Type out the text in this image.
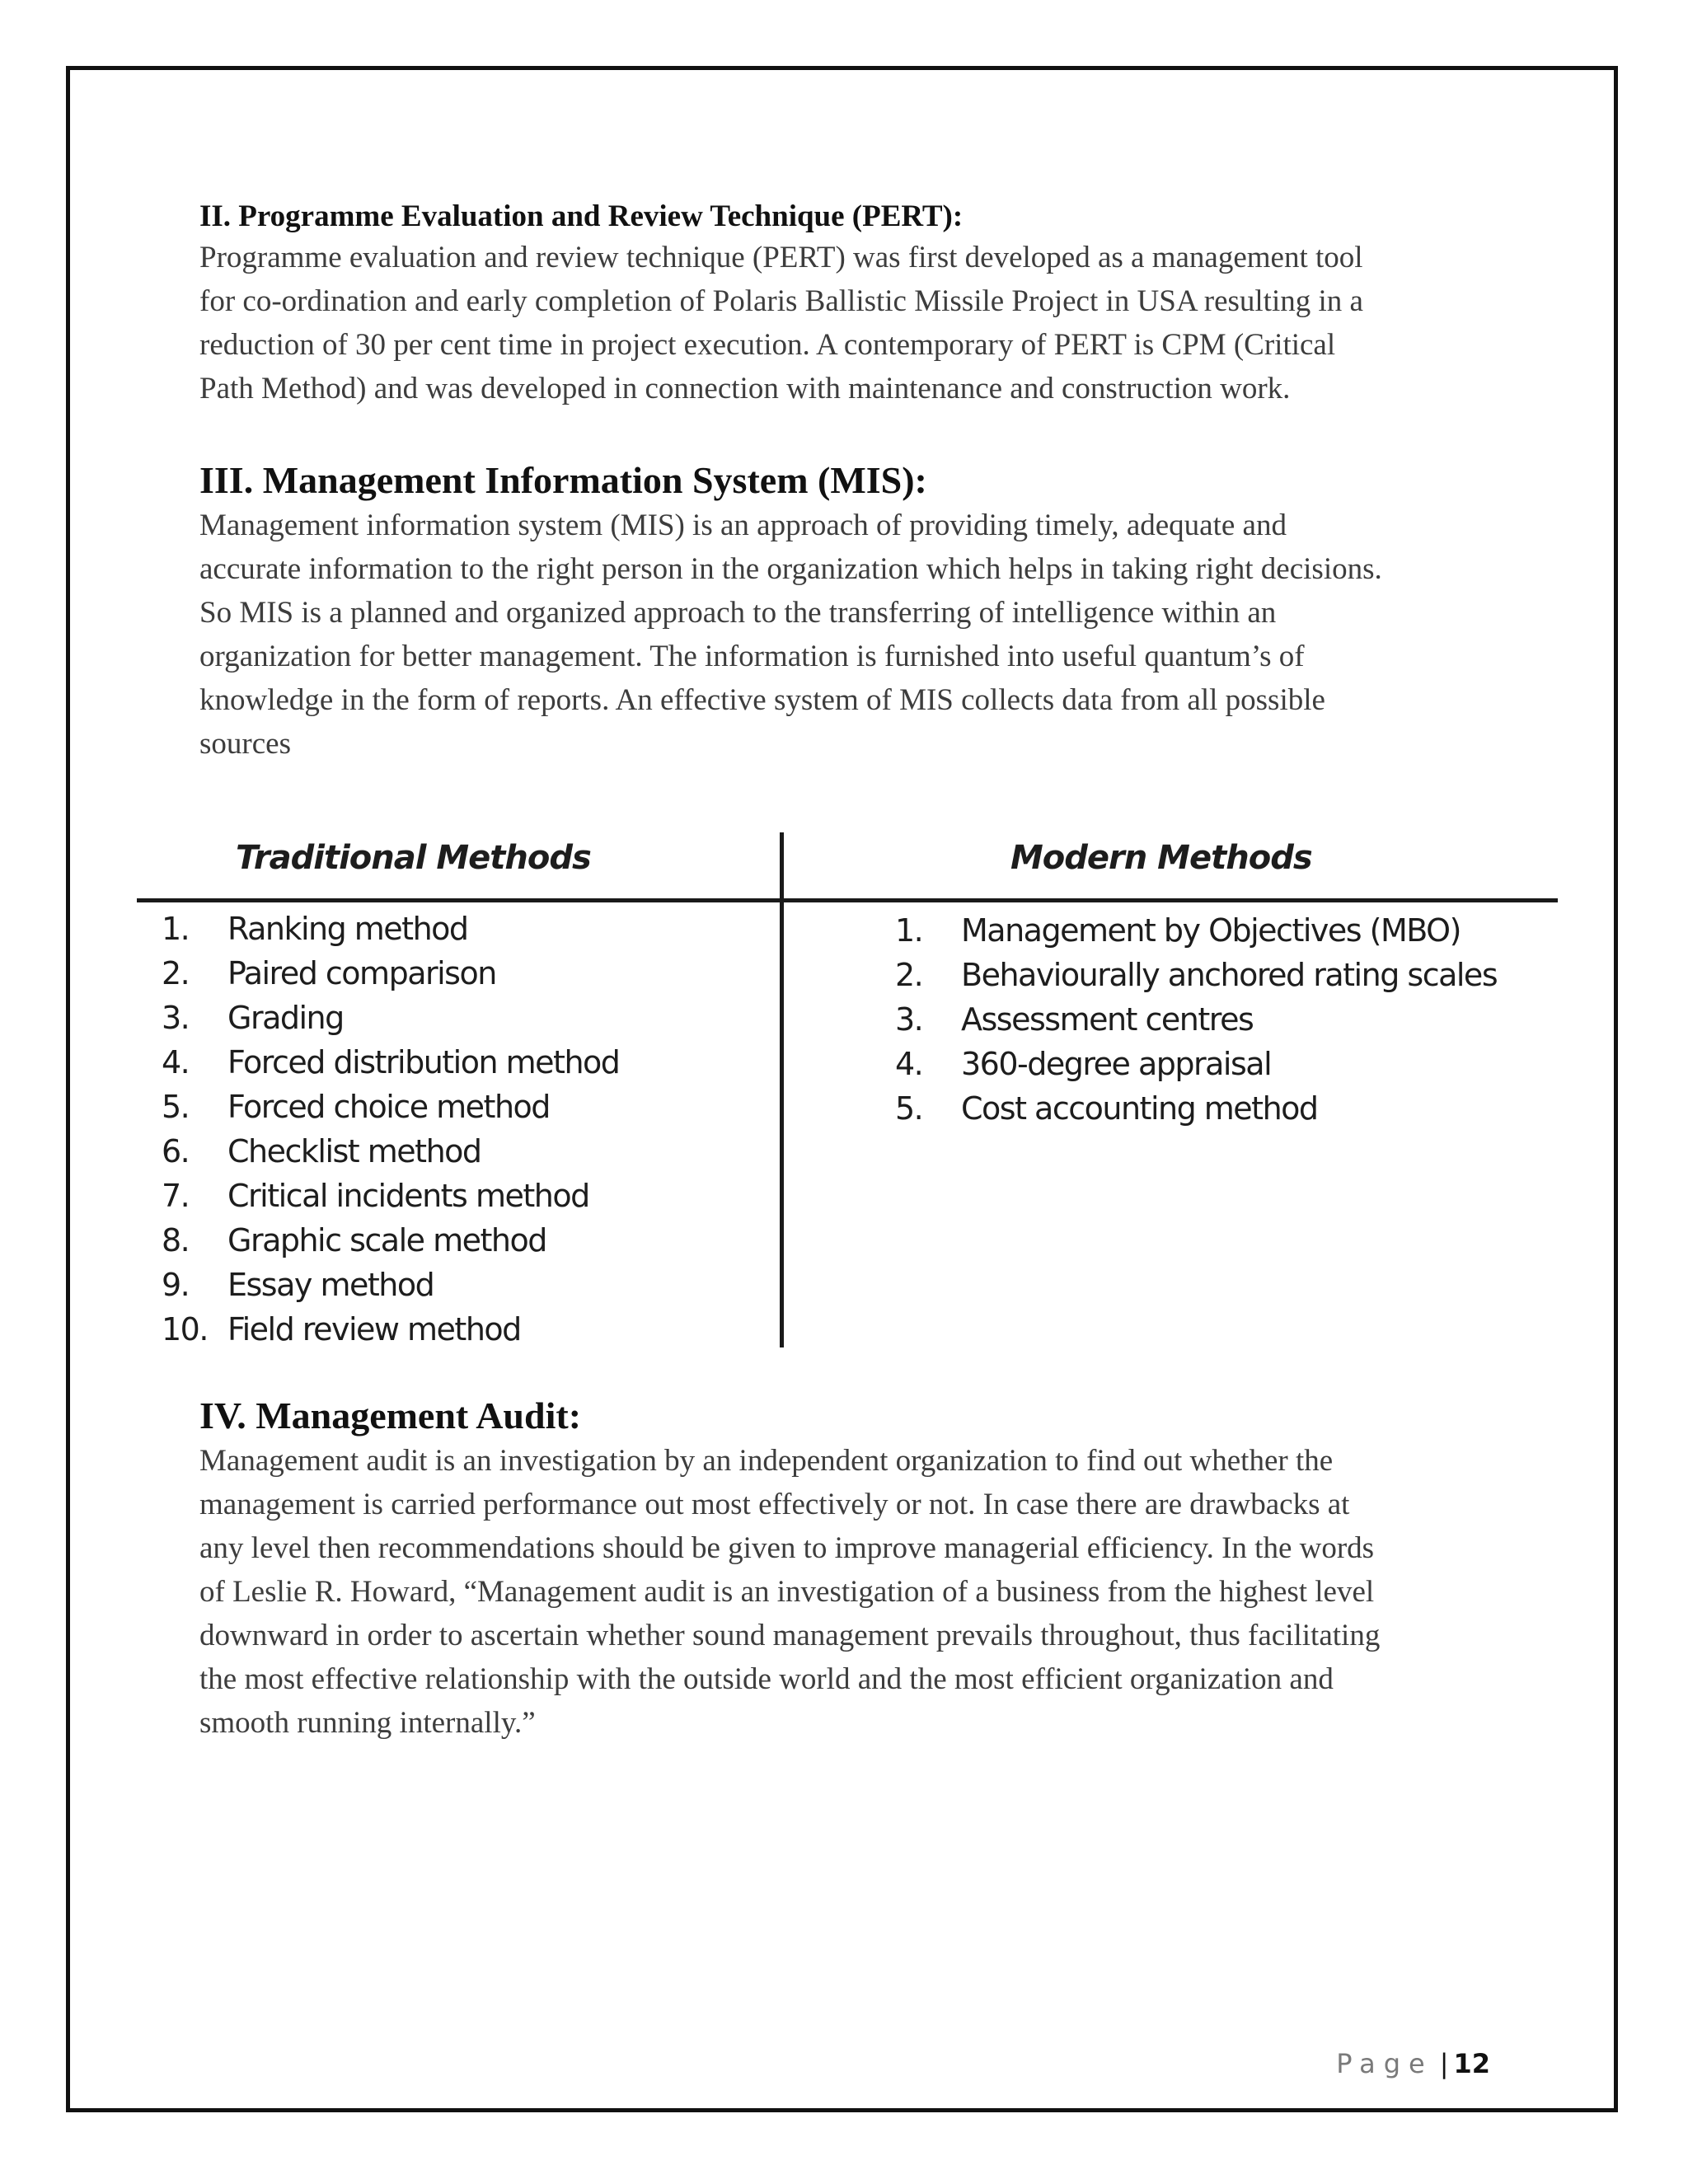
II. Programme Evaluation and Review Technique (PERT):

Programme evaluation and review technique (PERT) was first developed as a management tool
for co-ordination and early completion of Polaris Ballistic Missile Project in USA resulting in a
reduction of 30 per cent time in project execution. A contemporary of PERT is CPM (Critical
Path Method) and was developed in connection with maintenance and construction work.

III. Management Information System (MIS):

Management information system (MIS) is an approach of providing timely, adequate and
accurate information to the right person in the organization which helps in taking right decisions.
So MIS is a planned and organized approach to the transferring of intelligence within an
organization for better management. The information is furnished into useful quantum’s of
knowledge in the form of reports. An effective system of MIS collects data from all possible
sources

Traditional Methods	Modern Methods
1. Ranking method
2. Paired comparison
3. Grading
4. Forced distribution method
5. Forced choice method
6. Checklist method
7. Critical incidents method
8. Graphic scale method
9. Essay method
10. Field review method
1. Management by Objectives (MBO)
2. Behaviourally anchored rating scales
3. Assessment centres
4. 360-degree appraisal
5. Cost accounting method
IV. Management Audit:

Management audit is an investigation by an independent organization to find out whether the
management is carried performance out most effectively or not. In case there are drawbacks at
any level then recommendations should be given to improve managerial efficiency. In the words
of Leslie R. Howard, “Management audit is an investigation of a business from the highest level
downward in order to ascertain whether sound management prevails throughout, thus facilitating
the most effective relationship with the outside world and the most efficient organization and
smooth running internally.”

Page | 12
